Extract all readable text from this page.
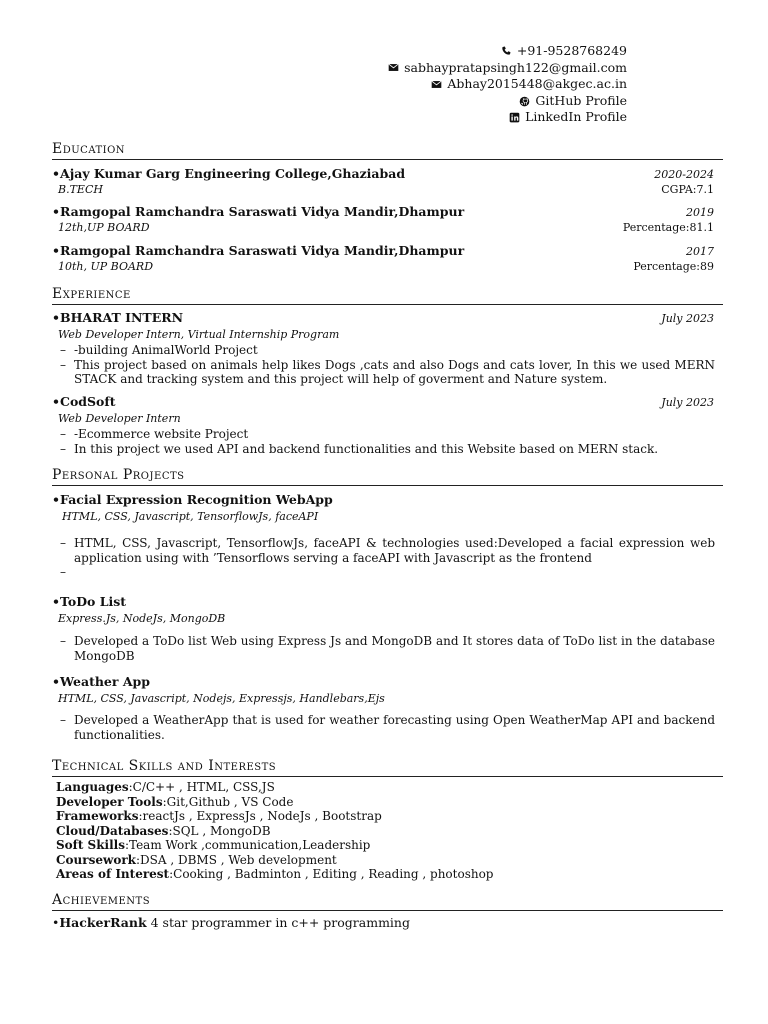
+91-9528768249
sabhaypratapsingh122@gmail.com
Abhay2015448@akgec.ac.in
GitHub Profile
LinkedIn Profile
Education
•Ajay Kumar Garg Engineering College,Ghaziabad	2020-2024
B.TECH	CGPA:7.1
•Ramgopal Ramchandra Saraswati Vidya Mandir,Dhampur	2019
12th,UP BOARD	Percentage:81.1
•Ramgopal Ramchandra Saraswati Vidya Mandir,Dhampur	2017
10th, UP BOARD	Percentage:89
Experience
•BHARAT INTERN	July 2023
Web Developer Intern, Virtual Internship Program
– -building AnimalWorld Project
– This project based on animals help likes Dogs ,cats and also Dogs and cats lover, In this we used MERN STACK and tracking system and this project will help of goverment and Nature system.
•CodSoft	July 2023
Web Developer Intern
– -Ecommerce website Project
– In this project we used API and backend functionalities and this Website based on MERN stack.
Personal Projects
•Facial Expression Recognition WebApp
HTML, CSS, Javascript, TensorflowJs, faceAPI
– HTML, CSS, Javascript, TensorflowJs, faceAPI & technologies used:Developed a facial expression web application using with ’Tensorflows serving a faceAPI with Javascript as the frontend
–
•ToDo List
Express.Js, NodeJs, MongoDB
– Developed a ToDo list Web using Express Js and MongoDB and It stores data of ToDo list in the database MongoDB
•Weather App
HTML, CSS, Javascript, Nodejs, Expressjs, Handlebars,Ejs
– Developed a WeatherApp that is used for weather forecasting using Open WeatherMap API and backend functionalities.
Technical Skills and Interests
Languages:C/C++ , HTML, CSS,JS
Developer Tools:Git,Github , VS Code
Frameworks:reactJs , ExpressJs , NodeJs , Bootstrap
Cloud/Databases:SQL , MongoDB
Soft Skills:Team Work ,communication,Leadership
Coursework:DSA , DBMS , Web development
Areas of Interest:Cooking , Badminton , Editing , Reading , photoshop
Achievements
•HackerRank 4 star programmer in c++ programming
